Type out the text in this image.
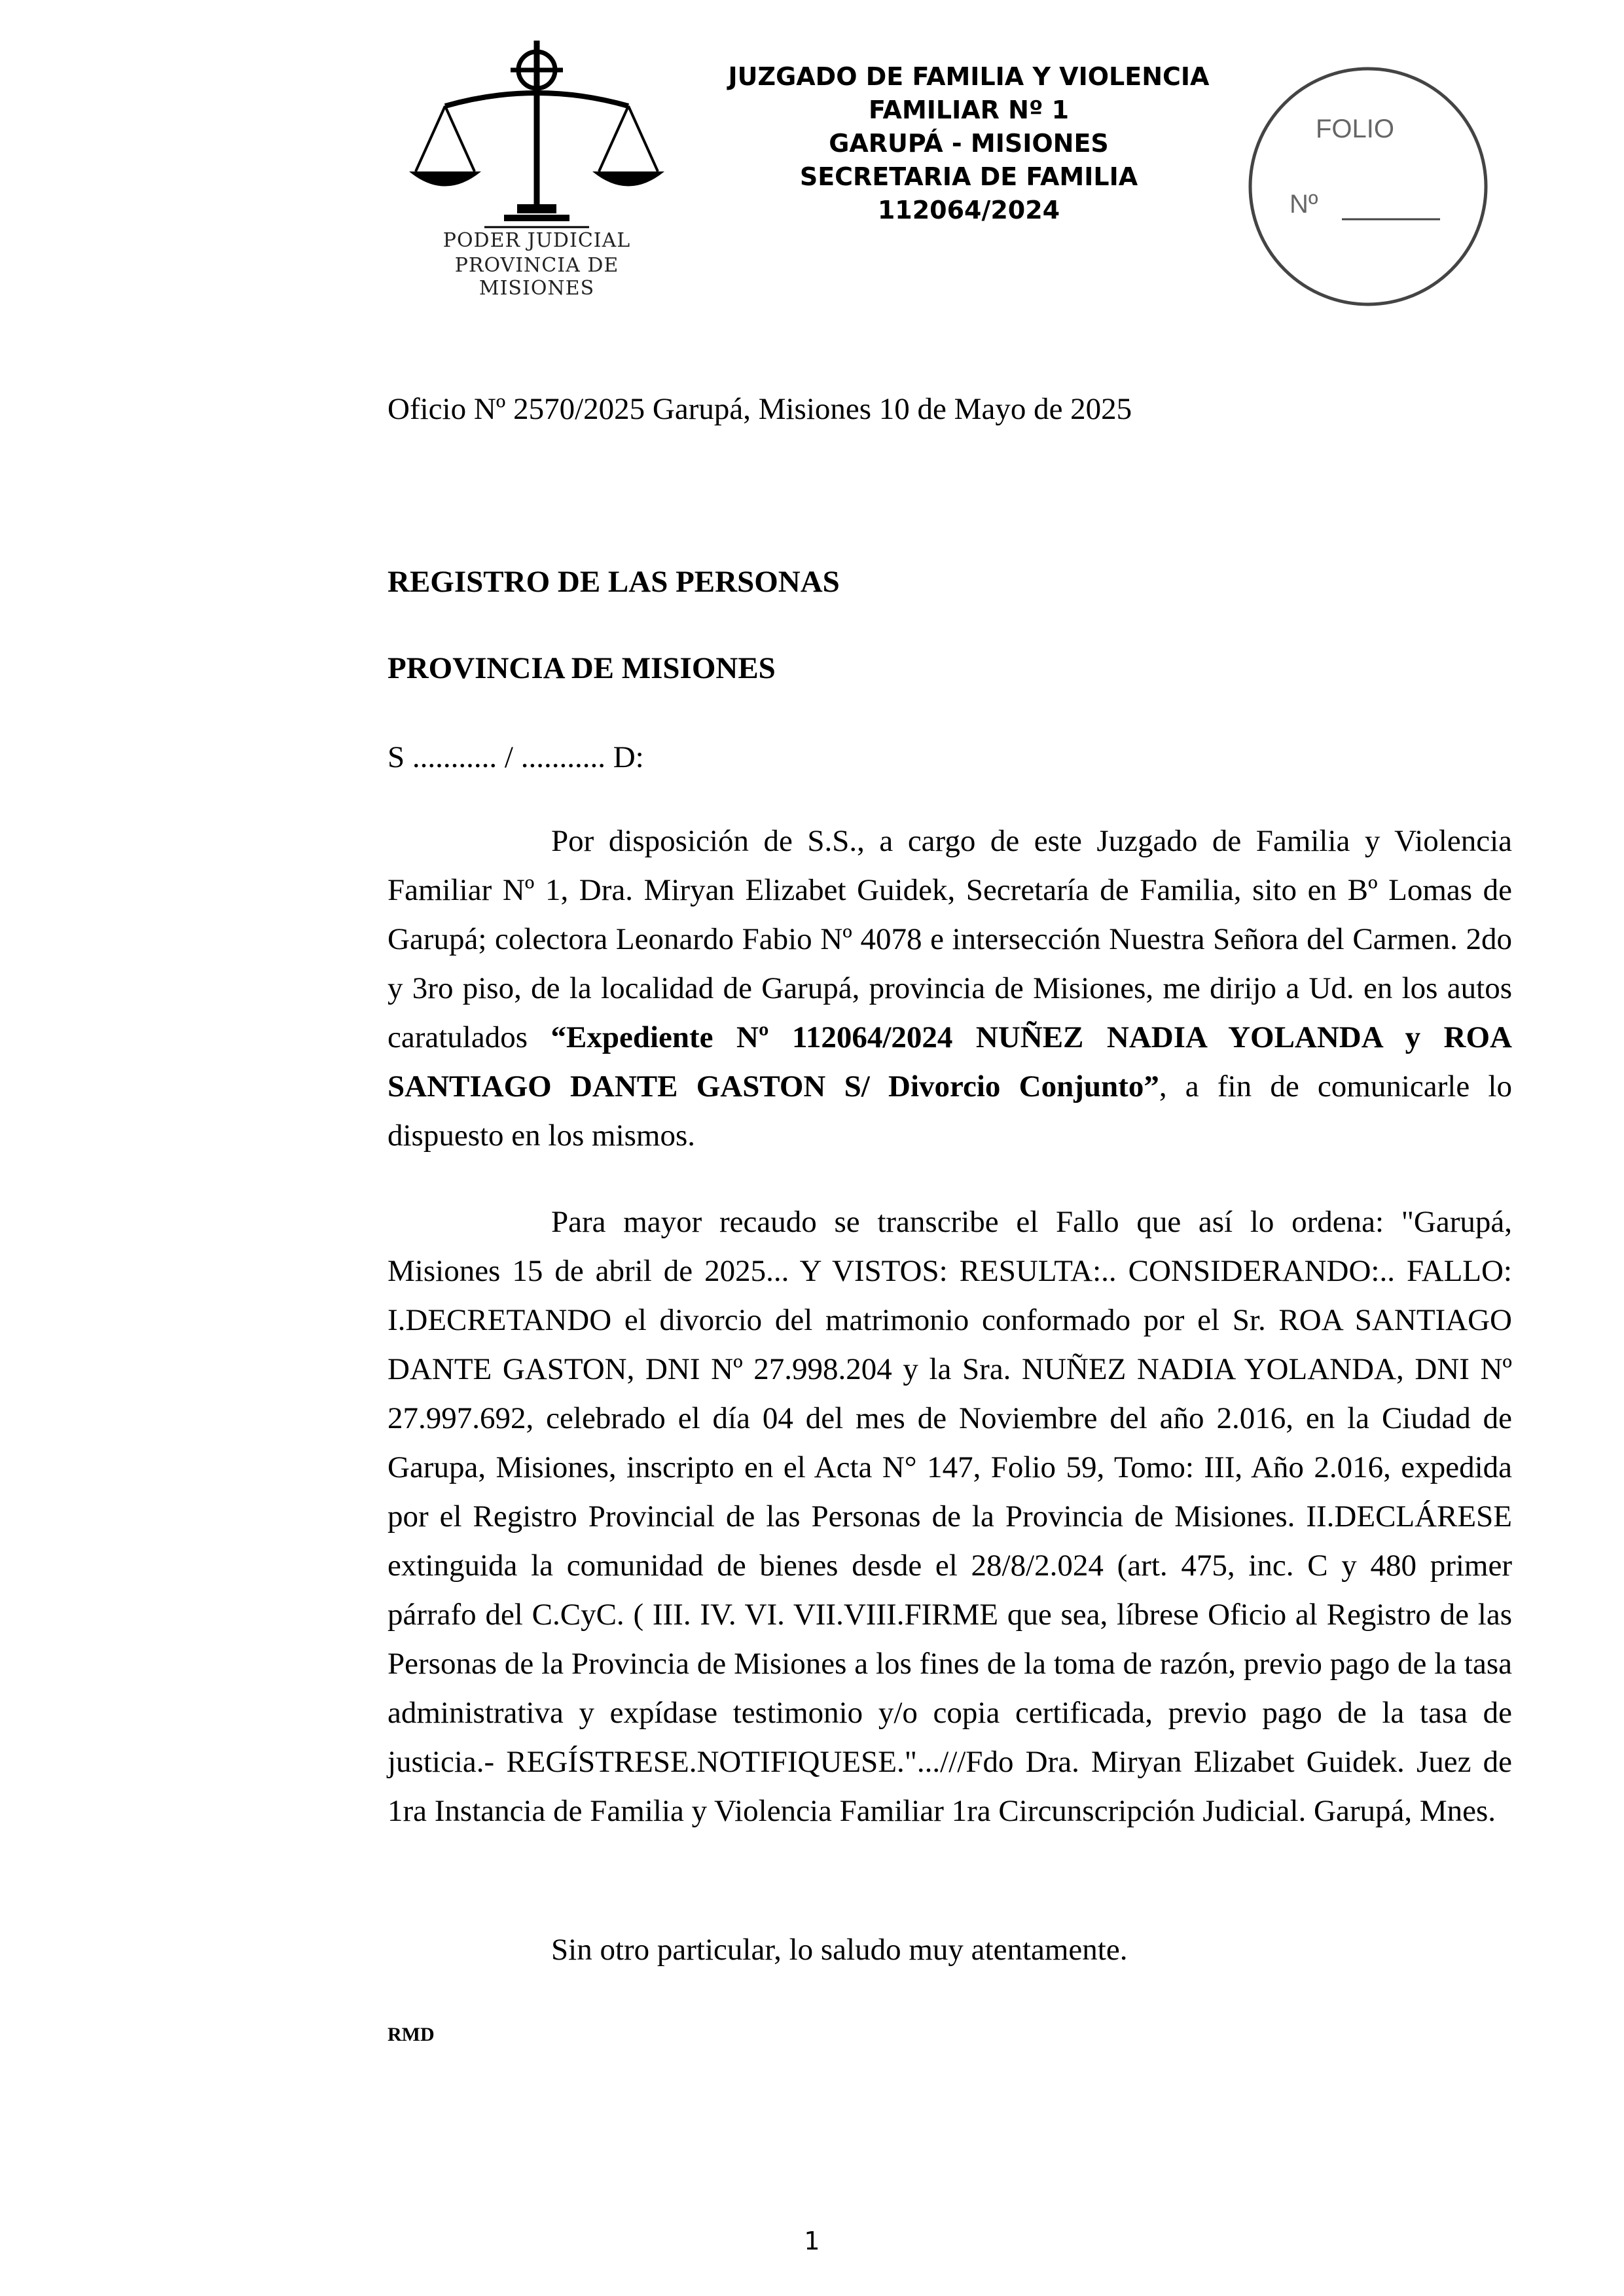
PODER JUDICIAL
PROVINCIA DE MISIONES
JUZGADO DE FAMILIA Y VIOLENCIA
FAMILIAR Nº 1
GARUPÁ - MISIONES
SECRETARIA DE FAMILIA
112064/2024
FOLIO
Nº
Oficio Nº 2570/2025 Garupá, Misiones 10 de Mayo de 2025
REGISTRO DE LAS PERSONAS
PROVINCIA DE MISIONES
S ........... / ........... D:
Por disposición de S.S., a cargo de este Juzgado de Familia y Violencia Familiar Nº 1, Dra. Miryan Elizabet Guidek, Secretaría de Familia, sito en Bº Lomas de Garupá; colectora Leonardo Fabio Nº 4078 e intersección Nuestra Señora del Carmen. 2do y 3ro piso, de la localidad de Garupá, provincia de Misiones, me dirijo a Ud. en los autos caratulados “Expediente Nº 112064/2024 NUÑEZ NADIA YOLANDA y ROA SANTIAGO DANTE GASTON S/ Divorcio Conjunto”, a fin de comunicarle lo dispuesto en los mismos.
Para mayor recaudo se transcribe el Fallo que así lo ordena: "Garupá, Misiones 15 de abril de 2025... Y VISTOS: RESULTA:.. CONSIDERANDO:.. FALLO: I.DECRETANDO el divorcio del matrimonio conformado por el Sr. ROA SANTIAGO DANTE GASTON, DNI Nº 27.998.204 y la Sra. NUÑEZ NADIA YOLANDA, DNI Nº 27.997.692, celebrado el día 04 del mes de Noviembre del año 2.016, en la Ciudad de Garupa, Misiones, inscripto en el Acta N° 147, Folio 59, Tomo: III, Año 2.016, expedida por el Registro Provincial de las Personas de la Provincia de Misiones. II.DECLÁRESE extinguida la comunidad de bienes desde el 28/8/2.024 (art. 475, inc. C y 480 primer párrafo del C.CyC. ( III. IV. VI. VII.VIII.FIRME que sea, líbrese Oficio al Registro de las Personas de la Provincia de Misiones a los fines de la toma de razón, previo pago de la tasa administrativa y expídase testimonio y/o copia certificada, previo pago de la tasa de justicia.- REGÍSTRESE.NOTIFIQUESE."...///Fdo Dra. Miryan Elizabet Guidek. Juez de 1ra Instancia de Familia y Violencia Familiar 1ra Circunscripción Judicial. Garupá, Mnes.
Sin otro particular, lo saludo muy atentamente.
RMD
1
